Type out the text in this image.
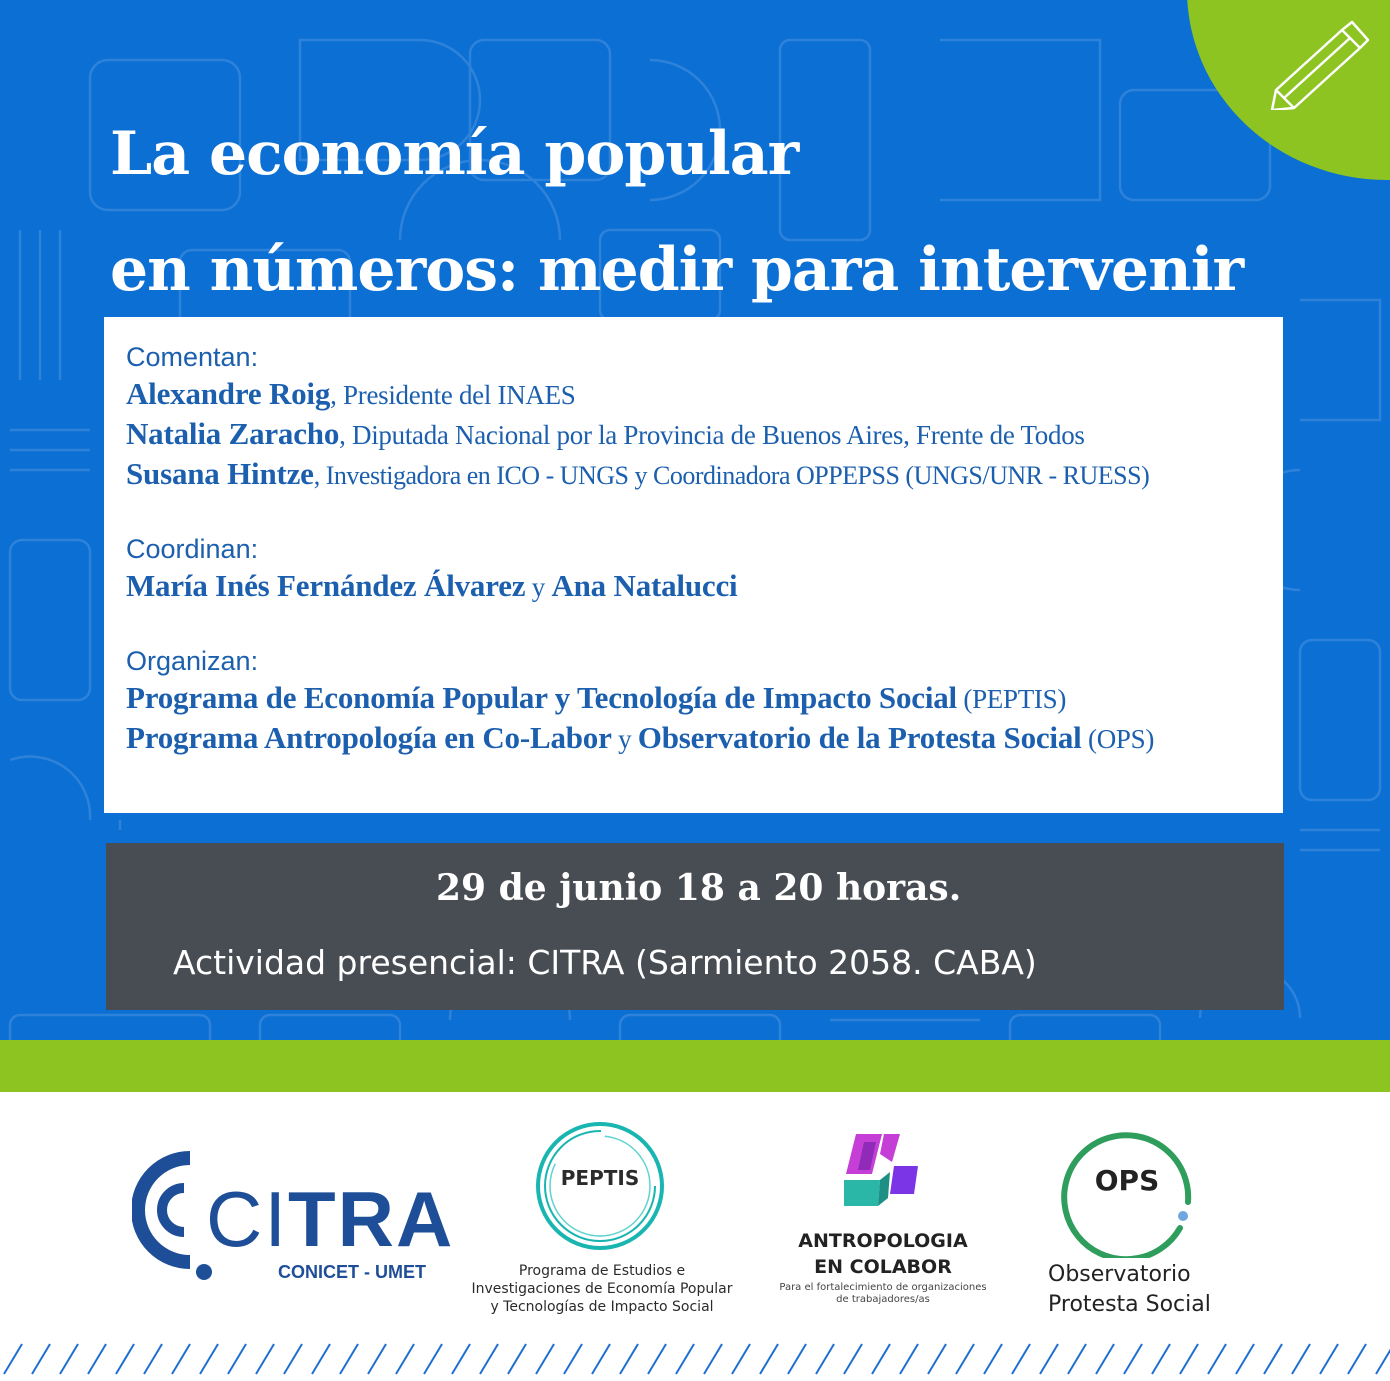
La economía popular
en números: medir para intervenir
Comentan:
Alexandre Roig, Presidente del INAES
Natalia Zaracho, Diputada Nacional por la Provincia de Buenos Aires, Frente de Todos
Susana Hintze, Investigadora en ICO - UNGS y Coordinadora OPPEPSS (UNGS/UNR - RUESS)
Coordinan:
María Inés Fernández Álvarez y Ana Natalucci
Organizan:
Programa de Economía Popular y Tecnología de Impacto Social (PEPTIS)
Programa Antropología en Co-Labor y Observatorio de la Protesta Social (OPS)
29 de junio 18 a 20 horas.
Actividad presencial: CITRA (Sarmiento 2058. CABA)
CITRA
CONICET - UMET
PEPTIS
Programa de Estudios e
Investigaciones de Economía Popular
y Tecnologías de Impacto Social
ANTROPOLOGIA
EN COLABOR
Para el fortalecimiento de organizaciones
de trabajadores/as
OPS
Observatorio
Protesta Social
